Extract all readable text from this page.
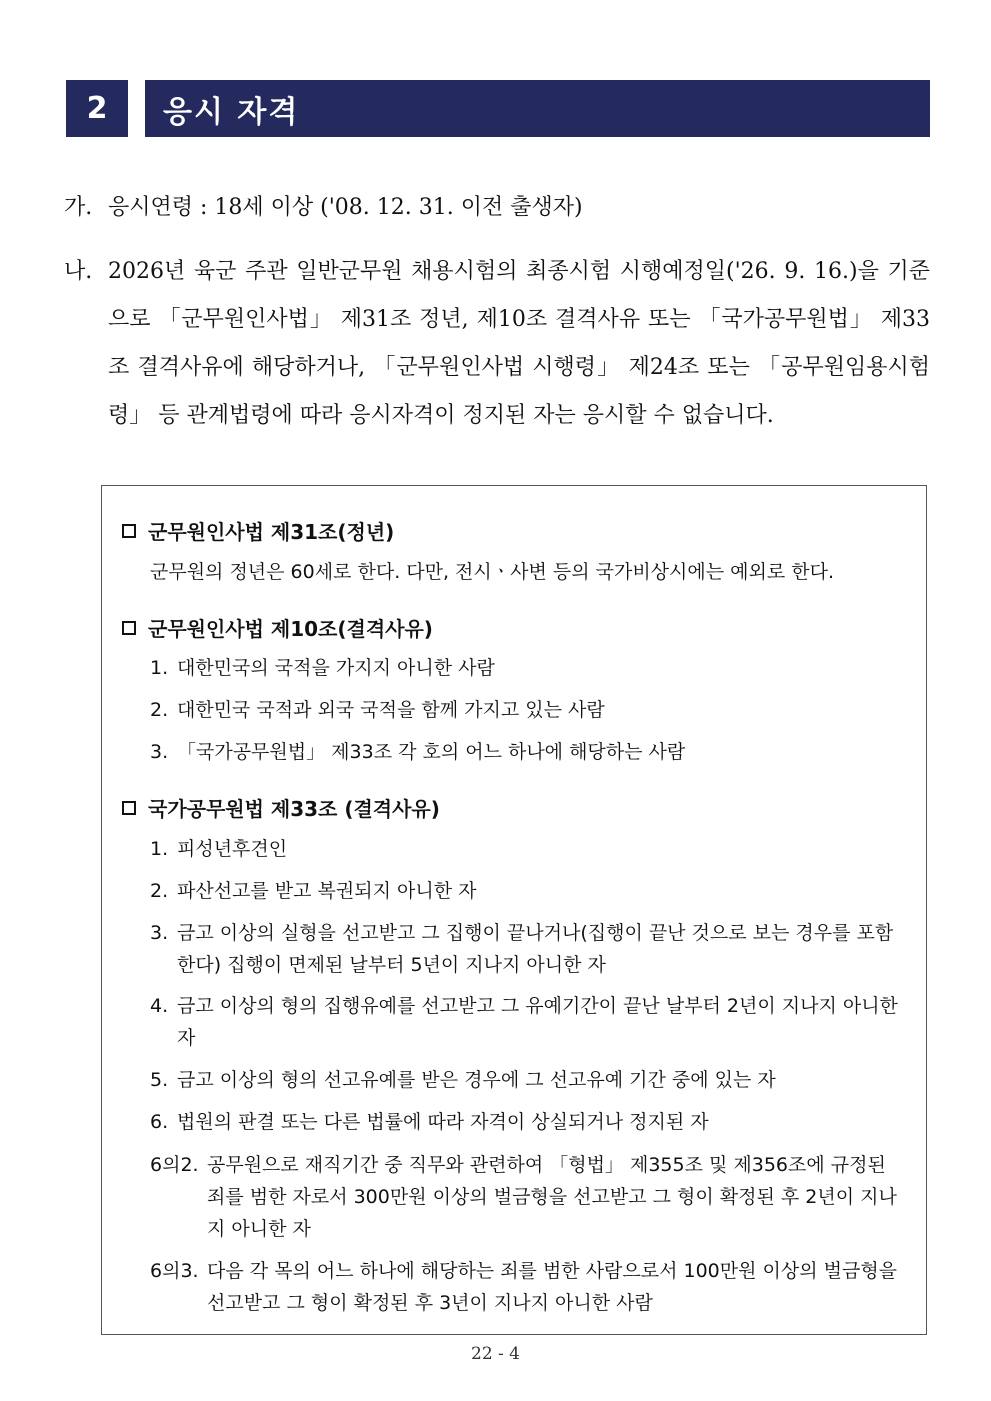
2	응시 자격
가. 응시연령 : 18세 이상 ('08. 12. 31. 이전 출생자)
나. 2026년 육군 주관 일반군무원 채용시험의 최종시험 시행예정일('26. 9. 16.)을 기준으로 「군무원인사법」 제31조 정년, 제10조 결격사유 또는 「국가공무원법」 제33조 결격사유에 해당하거나, 「군무원인사법 시행령」 제24조 또는 「공무원임용시험령」 등 관계법령에 따라 응시자격이 정지된 자는 응시할 수 없습니다.
군무원인사법 제31조(정년)
군무원의 정년은 60세로 한다. 다만, 전시ㆍ사변 등의 국가비상시에는 예외로 한다.
군무원인사법 제10조(결격사유)
1. 대한민국의 국적을 가지지 아니한 사람
2. 대한민국 국적과 외국 국적을 함께 가지고 있는 사람
3. 「국가공무원법」 제33조 각 호의 어느 하나에 해당하는 사람
국가공무원법 제33조 (결격사유)
1. 피성년후견인
2. 파산선고를 받고 복권되지 아니한 자
3. 금고 이상의 실형을 선고받고 그 집행이 끝나거나(집행이 끝난 것으로 보는 경우를 포함한다) 집행이 면제된 날부터 5년이 지나지 아니한 자
4. 금고 이상의 형의 집행유예를 선고받고 그 유예기간이 끝난 날부터 2년이 지나지 아니한 자
5. 금고 이상의 형의 선고유예를 받은 경우에 그 선고유예 기간 중에 있는 자
6. 법원의 판결 또는 다른 법률에 따라 자격이 상실되거나 정지된 자
6의2. 공무원으로 재직기간 중 직무와 관련하여 「형법」 제355조 및 제356조에 규정된 죄를 범한 자로서 300만원 이상의 벌금형을 선고받고 그 형이 확정된 후 2년이 지나지 아니한 자
6의3. 다음 각 목의 어느 하나에 해당하는 죄를 범한 사람으로서 100만원 이상의 벌금형을 선고받고 그 형이 확정된 후 3년이 지나지 아니한 사람
22 - 4
